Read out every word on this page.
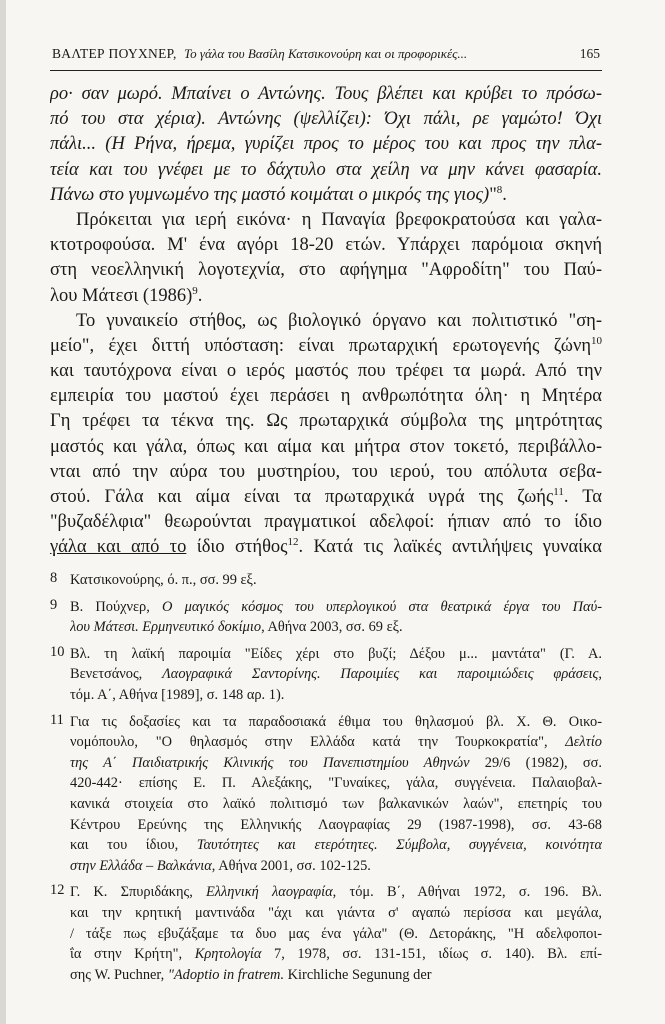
ΒΑΛΤΕΡ ΠΟΥΧΝΕΡ, Το γάλα του Βασίλη Κατσικονούρη και οι προφορικές...	165
ρο· σαν μωρό. Μπαίνει ο Αντώνης. Τους βλέπει και κρύβει το πρόσω-
πό του στα χέρια). Αντώνης (ψελλίζει): Όχι πάλι, ρε γαμώτο! Όχι
πάλι... (Η Ρήνα, ήρεμα, γυρίζει προς το μέρος του και προς την πλα-
τεία και του γνέφει με το δάχτυλο στα χείλη να μην κάνει φασαρία.
Πάνω στο γυμνωμένο της μαστό κοιμάται ο μικρός της γιος)"$^8$.
Πρόκειται για ιερή εικόνα· η Παναγία βρεφοκρατούσα και γαλα-
κτοτροφούσα. Μ' ένα αγόρι 18-20 ετών. Υπάρχει παρόμοια σκηνή
στη νεοελληνική λογοτεχνία, στο αφήγημα "Αφροδίτη" του Παύ-
λου Μάτεσι $(1986)^9$.
Το γυναικείο στήθος, ως βιολογικό όργανο και πολιτιστικό "ση-
μείο", έχει διττή υπόσταση: είναι πρωταρχική ερωτογενής ζώνη$^{10}$
και ταυτόχρονα είναι ο ιερός μαστός που τρέφει τα μωρά. Από την
εμπειρία του μαστού έχει περάσει η ανθρωπότητα όλη· η Μητέρα
Γη τρέφει τα τέκνα της. Ως πρωταρχικά σύμβολα της μητρότητας
μαστός και γάλα, όπως και αίμα και μήτρα στον τοκετό, περιβάλλο-
νται από την αύρα του μυστηρίου, του ιερού, του απόλυτα σεβα-
στού. Γάλα και αίμα είναι τα πρωταρχικά υγρά της ζωής$^{11}$. Τα
"βυζαδέλφια" θεωρούνται πραγματικοί αδελφοί: ήπιαν από το ίδιο
γάλα και από το ίδιο στήθος$^{12}$. Κατά τις λαϊκές αντιλήψεις γυναίκα
8 Κατσικονούρης, ό. π., σσ. 99 εξ.
9 Β. Πούχνερ, Ο μαγικός κόσμος του υπερλογικού στα θεατρικά έργα του Παύ-
λου Μάτεσι. Ερμηνευτικό δοκίμιο, Αθήνα 2003, σσ. 69 εξ.
10 Βλ. τη λαϊκή παροιμία "Είδες χέρι στο βυζί; Δέξου μ... μαντάτα" (Γ. Α.
Βενετσάνος, Λαογραφικά Σαντορίνης. Παροιμίες και παροιμιώδεις φράσεις,
τόμ. Α΄, Αθήνα [1989], σ. 148 αρ. 1).
11 Για τις δοξασίες και τα παραδοσιακά έθιμα του θηλασμού βλ. Χ. Θ. Οικο-
νομόπουλο, "Ο θηλασμός στην Ελλάδα κατά την Τουρκοκρατία", Δελτίο
της Α΄ Παιδιατρικής Κλινικής του Πανεπιστημίου Αθηνών 29/6 (1982), σσ.
420-442· επίσης Ε. Π. Αλεξάκης, "Γυναίκες, γάλα, συγγένεια. Παλαιοβαλ-
κανικά στοιχεία στο λαϊκό πολιτισμό των βαλκανικών λαών", επετηρίς του
Κέντρου Ερεύνης της Ελληνικής Λαογραφίας 29 (1987-1998), σσ. 43-68
και του ίδιου, Ταυτότητες και ετερότητες. Σύμβολα, συγγένεια, κοινότητα
στην Ελλάδα – Βαλκάνια, Αθήνα 2001, σσ. 102-125.
12 Γ. Κ. Σπυριδάκης, Ελληνική λαογραφία, τόμ. Β΄, Αθήναι 1972, σ. 196. Βλ.
και την κρητική μαντινάδα "άχι και γιάντα σ' αγαπώ περίσσα και μεγάλα,
/ τάξε πως εβυζάξαμε τα δυο μας ένα γάλα" (Θ. Δετοράκης, "Η αδελφοποι-
ΐα στην Κρήτη", Κρητολογία 7, 1978, σσ. 131-151, ιδίως σ. 140). Βλ. επί-
σης W. Puchner, "Adoptio in fratrem. Kirchliche Segunung der
